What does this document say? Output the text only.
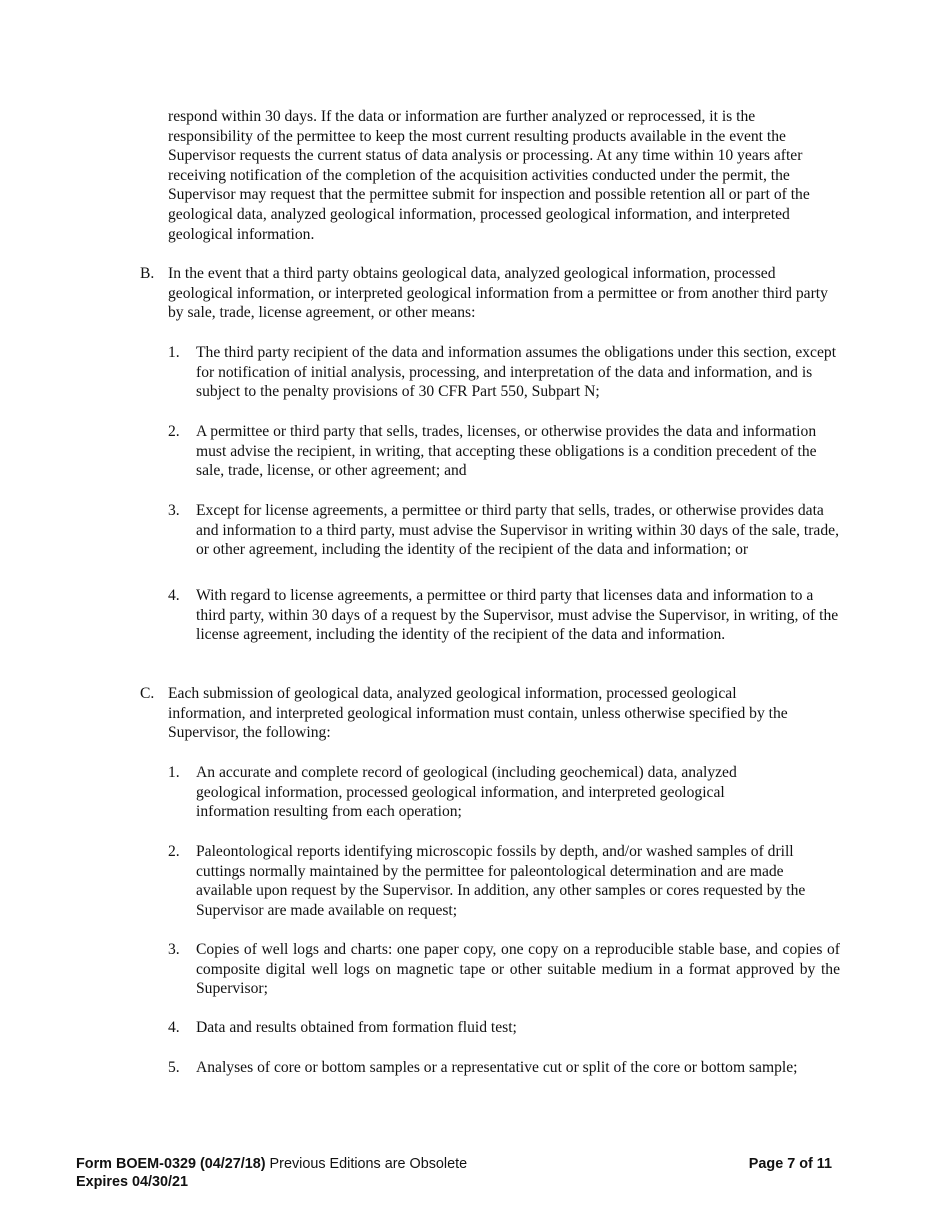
respond within 30 days. If the data or information are further analyzed or reprocessed, it is the responsibility of the permittee to keep the most current resulting products available in the event the Supervisor requests the current status of data analysis or processing. At any time within 10 years after receiving notification of the completion of the acquisition activities conducted under the permit, the Supervisor may request that the permittee submit for inspection and possible retention all or part of the geological data, analyzed geological information, processed geological information, and interpreted geological information.
B. In the event that a third party obtains geological data, analyzed geological information, processed geological information, or interpreted geological information from a permittee or from another third party by sale, trade, license agreement, or other means:
1. The third party recipient of the data and information assumes the obligations under this section, except for notification of initial analysis, processing, and interpretation of the data and information, and is subject to the penalty provisions of 30 CFR Part 550, Subpart N;
2. A permittee or third party that sells, trades, licenses, or otherwise provides the data and information must advise the recipient, in writing, that accepting these obligations is a condition precedent of the sale, trade, license, or other agreement; and
3. Except for license agreements, a permittee or third party that sells, trades, or otherwise provides data and information to a third party, must advise the Supervisor in writing within 30 days of the sale, trade, or other agreement, including the identity of the recipient of the data and information; or
4. With regard to license agreements, a permittee or third party that licenses data and information to a third party, within 30 days of a request by the Supervisor, must advise the Supervisor, in writing, of the license agreement, including the identity of the recipient of the data and information.
C. Each submission of geological data, analyzed geological information, processed geological information, and interpreted geological information must contain, unless otherwise specified by the Supervisor, the following:
1. An accurate and complete record of geological (including geochemical) data, analyzed geological information, processed geological information, and interpreted geological information resulting from each operation;
2. Paleontological reports identifying microscopic fossils by depth, and/or washed samples of drill cuttings normally maintained by the permittee for paleontological determination and are made available upon request by the Supervisor. In addition, any other samples or cores requested by the Supervisor are made available on request;
3. Copies of well logs and charts: one paper copy, one copy on a reproducible stable base, and copies of composite digital well logs on magnetic tape or other suitable medium in a format approved by the Supervisor;
4. Data and results obtained from formation fluid test;
5. Analyses of core or bottom samples or a representative cut or split of the core or bottom sample;
Form BOEM-0329 (04/27/18) Previous Editions are Obsolete
Expires 04/30/21
Page 7 of 11
